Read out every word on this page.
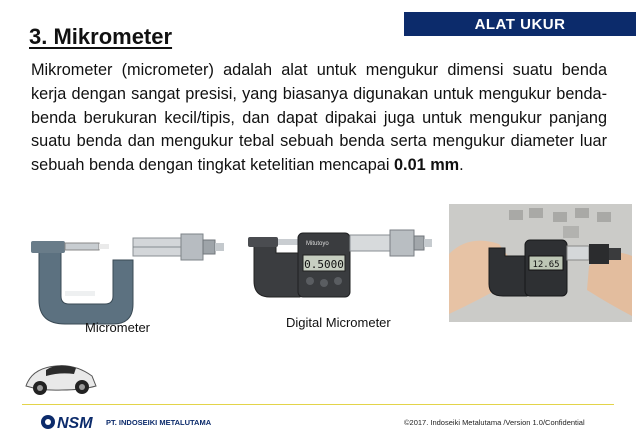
ALAT UKUR
3. Mikrometer
Mikrometer (micrometer) adalah alat untuk mengukur dimensi suatu benda kerja dengan sangat presisi, yang biasanya digunakan untuk mengukur benda-benda berukuran kecil/tipis, dan dapat dipakai juga untuk mengukur panjang suatu benda dan mengukur tebal sebuah benda serta mengukur diameter luar sebuah benda dengan tingkat ketelitian mencapai 0.01 mm.
Mitutoyo
Micrometer
0.5000
Mitutoyo
Digital Micrometer
12.65
NSM PT. INDOSEIKI METALUTAMA	©2017. Indoseiki Metalutama /Version 1.0/Confidential
